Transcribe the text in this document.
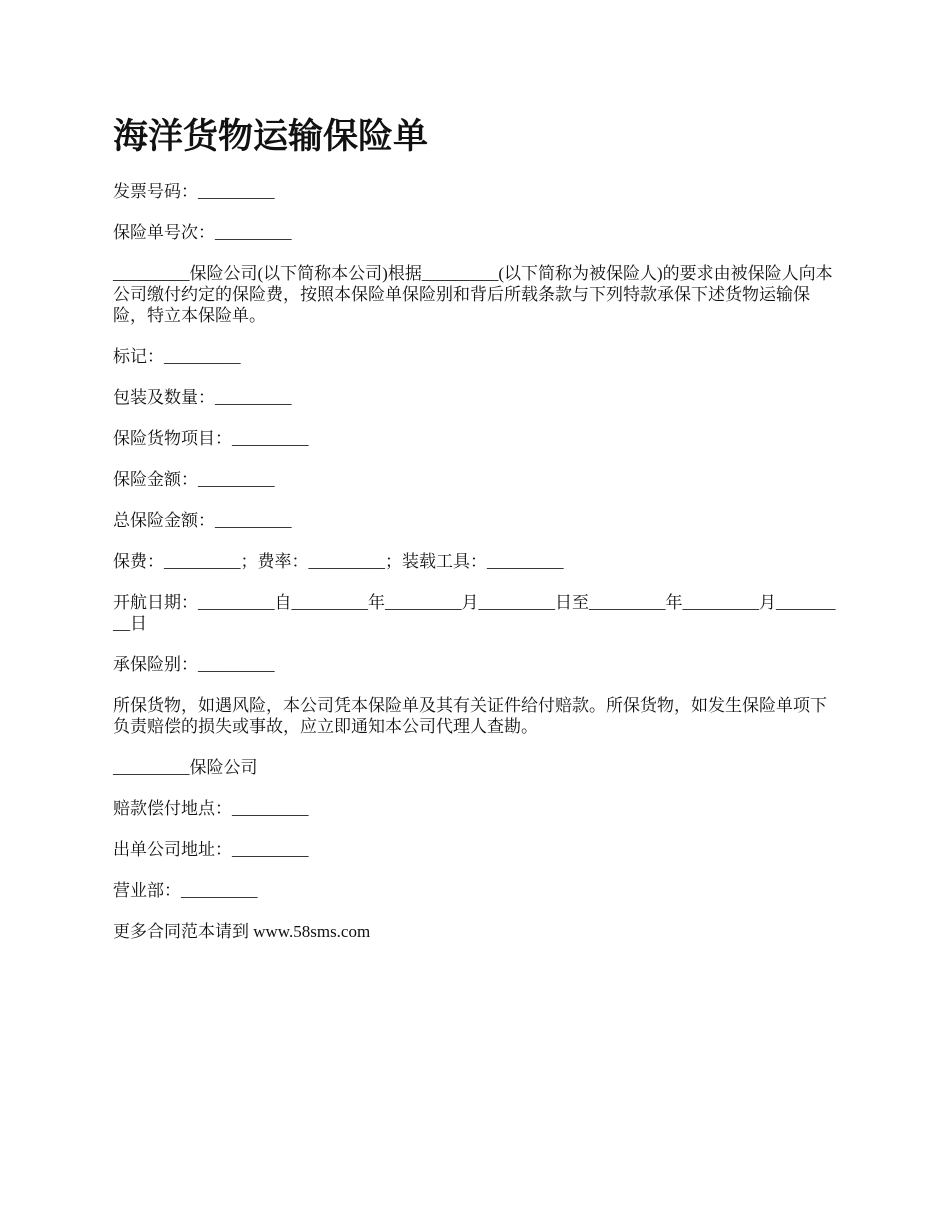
海洋货物运输保险单

发票号码：_________

保险单号次：_________

_________保险公司(以下简称本公司)根据_________(以下简称为被保险人)的要求由被保险人向本公司缴付约定的保险费，按照本保险单保险别和背后所载条款与下列特款承保下述货物运输保险，特立本保险单。

标记：_________

包装及数量：_________

保险货物项目：_________

保险金额：_________

总保险金额：_________

保费：_________；费率：_________；装载工具：_________

开航日期：_________自_________年_________月_________日至_________年_________月_________日

承保险别：_________

所保货物，如遇风险，本公司凭本保险单及其有关证件给付赔款。所保货物，如发生保险单项下负责赔偿的损失或事故，应立即通知本公司代理人查勘。

_________保险公司

赔款偿付地点：_________

出单公司地址：_________

营业部：_________

更多合同范本请到 www.58sms.com
